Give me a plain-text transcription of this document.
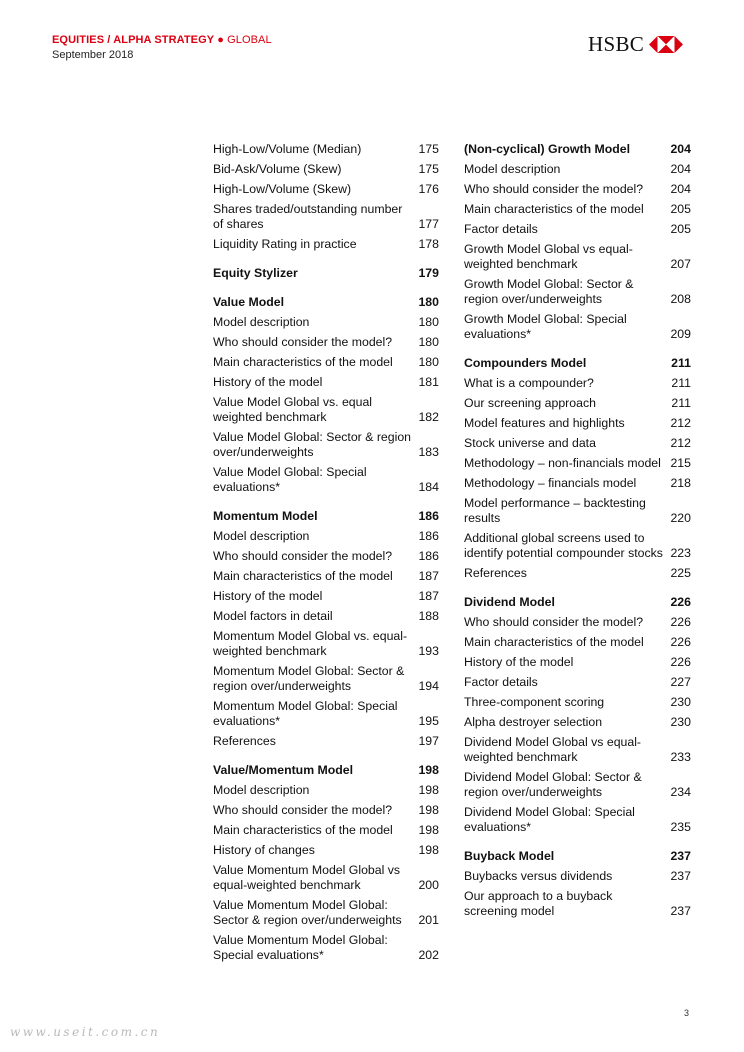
EQUITIES / ALPHA STRATEGY ● GLOBAL
September 2018	HSBC
High-Low/Volume (Median)	175
Bid-Ask/Volume (Skew)	175
High-Low/Volume (Skew)	176
Shares traded/outstanding number of shares	177
Liquidity Rating in practice	178
Equity Stylizer	179
Value Model	180
Model description	180
Who should consider the model?	180
Main characteristics of the model	180
History of the model	181
Value Model Global vs. equal weighted benchmark	182
Value Model Global: Sector & region over/underweights	183
Value Model Global: Special evaluations*	184
Momentum Model	186
Model description	186
Who should consider the model?	186
Main characteristics of the model	187
History of the model	187
Model factors in detail	188
Momentum Model Global vs. equal-weighted benchmark	193
Momentum Model Global: Sector & region over/underweights	194
Momentum Model Global: Special evaluations*	195
References	197
Value/Momentum Model	198
Model description	198
Who should consider the model?	198
Main characteristics of the model	198
History of changes	198
Value Momentum Model Global vs equal-weighted benchmark	200
Value Momentum Model Global: Sector & region over/underweights	201
Value Momentum Model Global: Special evaluations*	202
(Non-cyclical) Growth Model	204
Model description	204
Who should consider the model?	204
Main characteristics of the model	205
Factor details	205
Growth Model Global vs equal-weighted benchmark	207
Growth Model Global: Sector & region over/underweights	208
Growth Model Global: Special evaluations*	209
Compounders Model	211
What is a compounder?	211
Our screening approach	211
Model features and highlights	212
Stock universe and data	212
Methodology – non-financials model 215
Methodology – financials model	218
Model performance – backtesting results	220
Additional global screens used to identify potential compounder stocks 223
References	225
Dividend Model	226
Who should consider the model?	226
Main characteristics of the model	226
History of the model	226
Factor details	227
Three-component scoring	230
Alpha destroyer selection	230
Dividend Model Global vs equal-weighted benchmark	233
Dividend Model Global: Sector & region over/underweights	234
Dividend Model Global: Special evaluations*	235
Buyback Model	237
Buybacks versus dividends	237
Our approach to a buyback screening model	237
3
www.useit.com.cn
